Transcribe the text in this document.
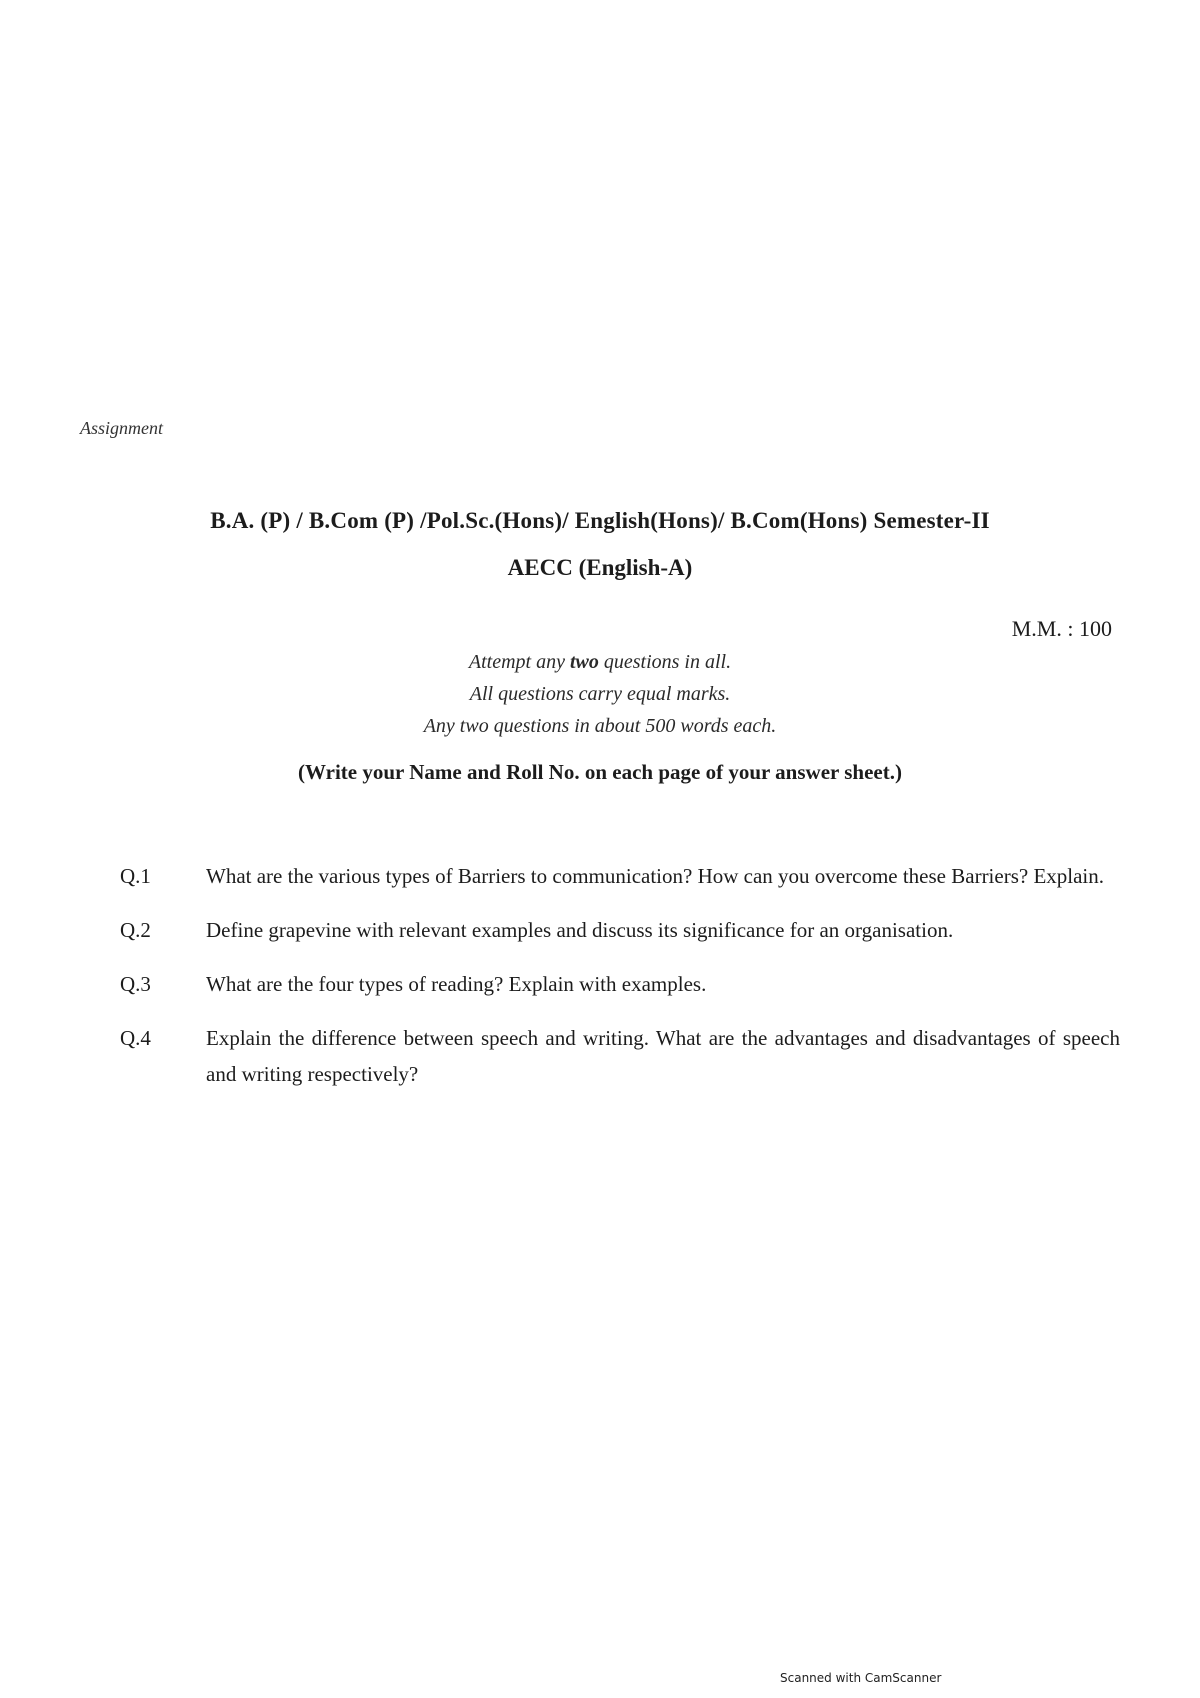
Assignment
B.A. (P) / B.Com (P) /Pol.Sc.(Hons)/ English(Hons)/ B.Com(Hons) Semester-II
AECC (English-A)
M.M. : 100
Attempt any two questions in all.
All questions carry equal marks.
Any two questions in about 500 words each.
(Write your Name and Roll No. on each page of your answer sheet.)
Q.1	What are the various types of Barriers to communication? How can you overcome these Barriers? Explain.
Q.2	Define grapevine with relevant examples and discuss its significance for an organisation.
Q.3	What are the four types of reading? Explain with examples.
Q.4	Explain the difference between speech and writing. What are the advantages and disadvantages of speech and writing respectively?
Scanned with CamScanner
